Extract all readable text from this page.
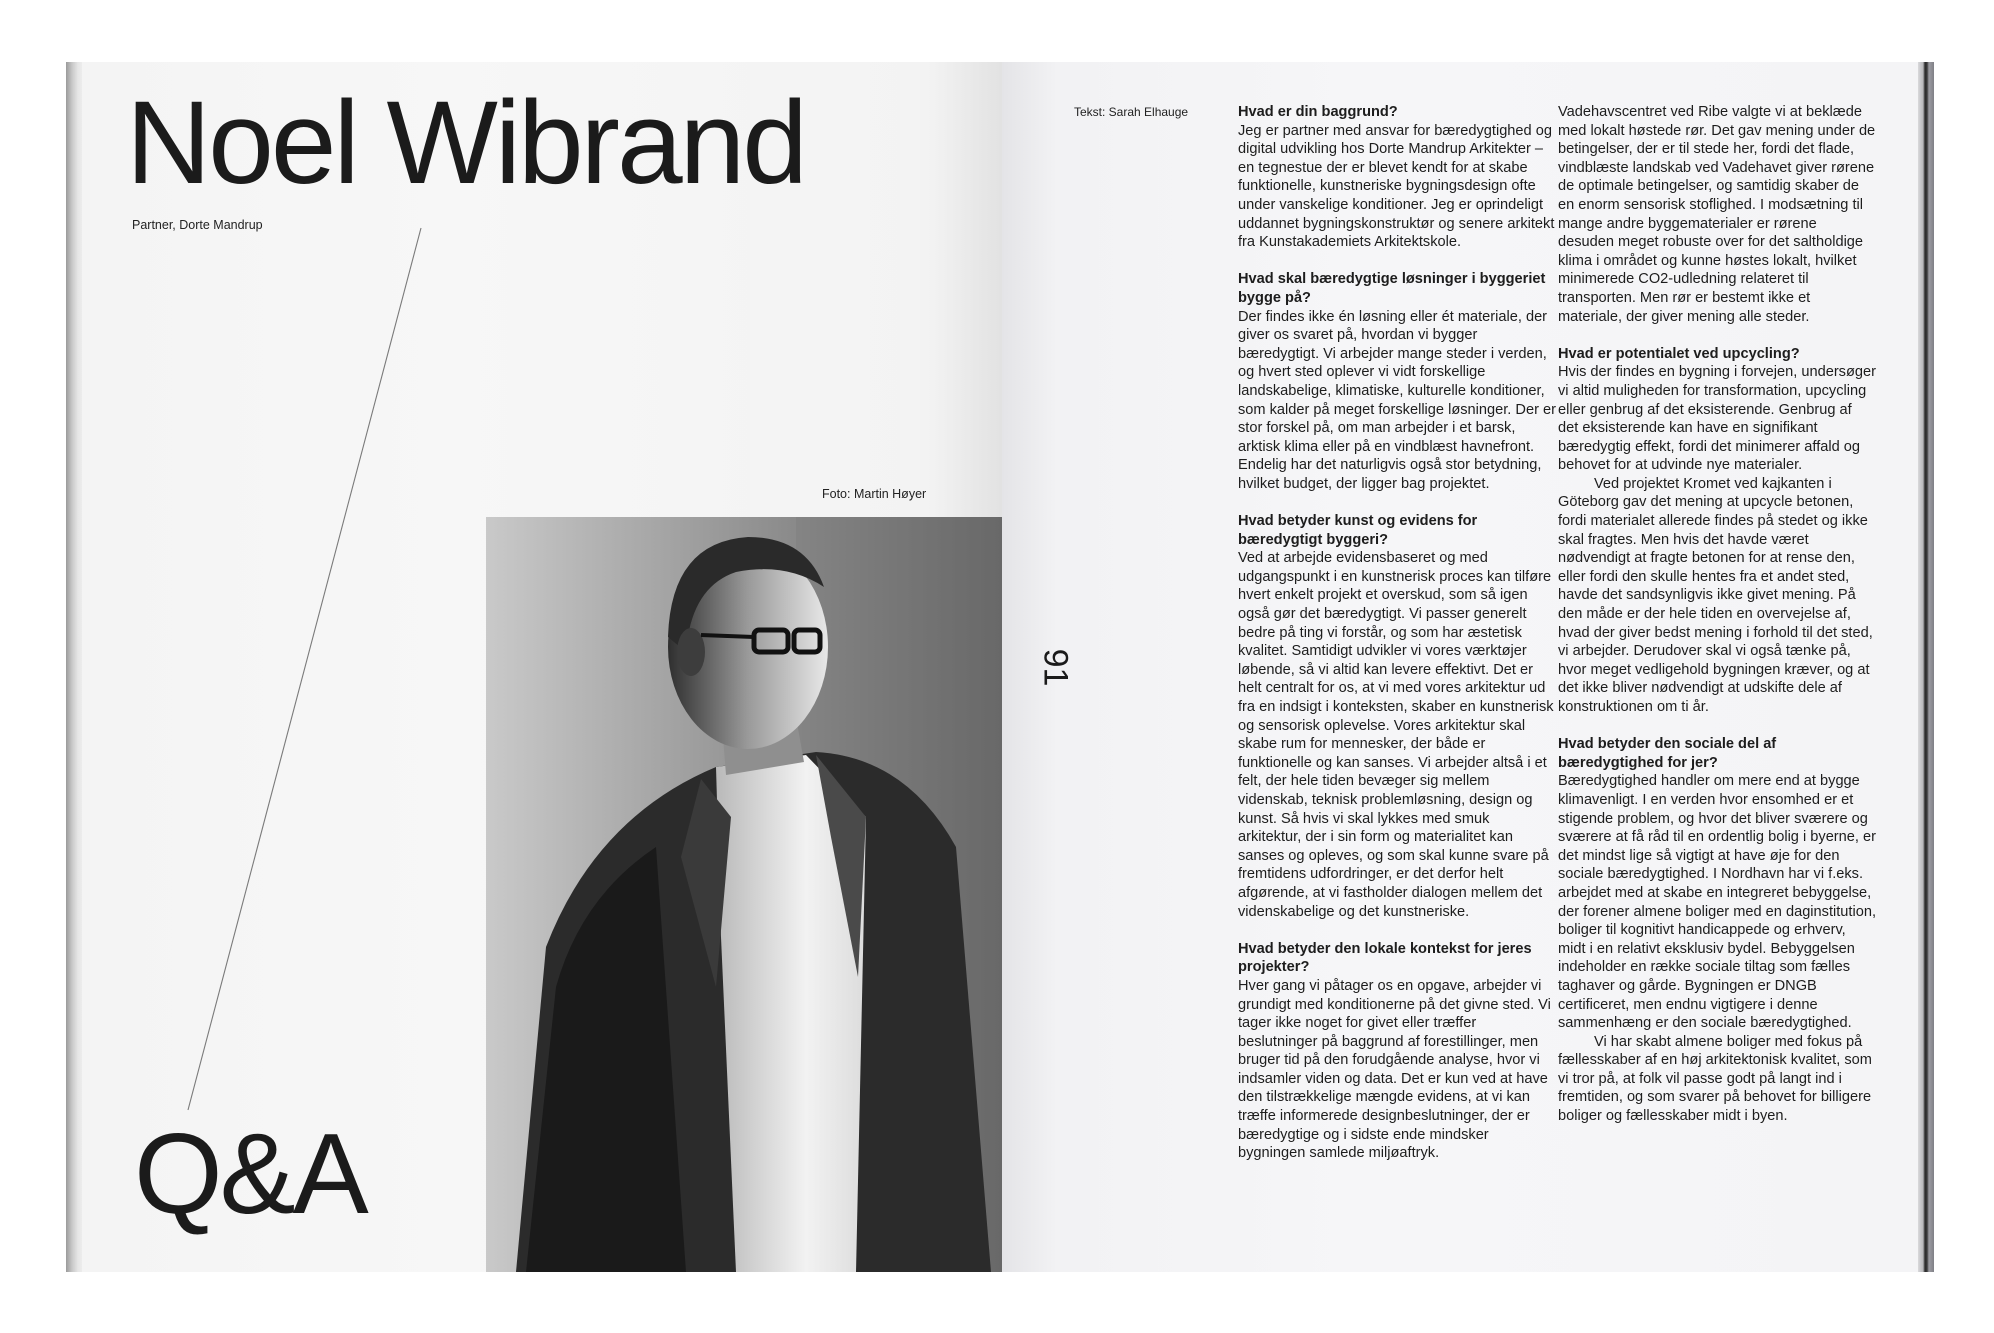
Noel Wibrand
Partner, Dorte Mandrup
Foto: Martin Høyer
Q&A
91
Tekst: Sarah Elhauge	Hvad er din baggrund?

Jeg er partner med ansvar for bæredygtighed og digital udvikling hos Dorte Mandrup Arkitekter – en tegnestue der er blevet kendt for at skabe funktionelle, kunstneriske bygningsdesign ofte under vanskelige konditioner. Jeg er oprindeligt uddannet bygningskonstruktør og senere arkitekt fra Kunstakademiets Arkitektskole.

Hvad skal bæredygtige løsninger i byggeriet bygge på?

Der findes ikke én løsning eller ét materiale, der giver os svaret på, hvordan vi bygger bæredygtigt. Vi arbejder mange steder i verden, og hvert sted oplever vi vidt forskellige landskabelige, klimatiske, kulturelle konditioner, som kalder på meget forskellige løsninger. Der er stor forskel på, om man arbejder i et barsk, arktisk klima eller på en vindblæst havnefront. Endelig har det naturligvis også stor betydning, hvilket budget, der ligger bag projektet.

Hvad betyder kunst og evidens for bæredygtigt byggeri?

Ved at arbejde evidensbaseret og med udgangspunkt i en kunstnerisk proces kan tilføre hvert enkelt projekt et overskud, som så igen også gør det bæredygtigt. Vi passer generelt bedre på ting vi forstår, og som har æstetisk kvalitet. Samtidigt udvikler vi vores værktøjer løbende, så vi altid kan levere effektivt. Det er helt centralt for os, at vi med vores arkitektur ud fra en indsigt i konteksten, skaber en kunstnerisk og sensorisk oplevelse. Vores arkitektur skal skabe rum for mennesker, der både er funktionelle og kan sanses. Vi arbejder altså i et felt, der hele tiden bevæger sig mellem videnskab, teknisk problemløsning, design og kunst. Så hvis vi skal lykkes med smuk arkitektur, der i sin form og materialitet kan sanses og opleves, og som skal kunne svare på fremtidens udfordringer, er det derfor helt afgørende, at vi fastholder dialogen mellem det videnskabelige og det kunstneriske.

Hvad betyder den lokale kontekst for jeres projekter?

Hver gang vi påtager os en opgave, arbejder vi grundigt med konditionerne på det givne sted. Vi tager ikke noget for givet eller træffer beslutninger på baggrund af forestillinger, men bruger tid på den forudgående analyse, hvor vi indsamler viden og data. Det er kun ved at have den tilstrækkelige mængde evidens, at vi kan træffe informerede designbeslutninger, der er bæredygtige og i sidste ende mindsker bygningen samlede miljøaftryk.

Vadehavscentret ved Ribe valgte vi at beklæde med lokalt høstede rør. Det gav mening under de betingelser, der er til stede her, fordi det flade, vindblæste landskab ved Vadehavet giver rørene de optimale betingelser, og samtidig skaber de en enorm sensorisk stoflighed. I modsætning til mange andre byggematerialer er rørene desuden meget robuste over for det saltholdige klima i området og kunne høstes lokalt, hvilket minimerede CO2-udledning relateret til transporten. Men rør er bestemt ikke et materiale, der giver mening alle steder.

Hvad er potentialet ved upcycling?

Hvis der findes en bygning i forvejen, undersøger vi altid muligheden for transformation, upcycling eller genbrug af det eksisterende. Genbrug af det eksisterende kan have en signifikant bæredygtig effekt, fordi det minimerer affald og behovet for at udvinde nye materialer.

Ved projektet Kromet ved kajkanten i Göteborg gav det mening at upcycle betonen, fordi materialet allerede findes på stedet og ikke skal fragtes. Men hvis det havde været nødvendigt at fragte betonen for at rense den, eller fordi den skulle hentes fra et andet sted, havde det sandsynligvis ikke givet mening. På den måde er der hele tiden en overvejelse af, hvad der giver bedst mening i forhold til det sted, vi arbejder. Derudover skal vi også tænke på, hvor meget vedligehold bygningen kræver, og at det ikke bliver nødvendigt at udskifte dele af konstruktionen om ti år.

Hvad betyder den sociale del af bæredygtighed for jer?

Bæredygtighed handler om mere end at bygge klimavenligt. I en verden hvor ensomhed er et stigende problem, og hvor det bliver sværere og sværere at få råd til en ordentlig bolig i byerne, er det mindst lige så vigtigt at have øje for den sociale bæredygtighed. I Nordhavn har vi f.eks. arbejdet med at skabe en integreret bebyggelse, der forener almene boliger med en daginstitution, boliger til kognitivt handicappede og erhverv, midt i en relativt eksklusiv bydel. Bebyggelsen indeholder en række sociale tiltag som fælles taghaver og gårde. Bygningen er DNGB certificeret, men endnu vigtigere i denne sammenhæng er den sociale bæredygtighed.

Vi har skabt almene boliger med fokus på fællesskaber af en høj arkitektonisk kvalitet, som vi tror på, at folk vil passe godt på langt ind i fremtiden, og som svarer på behovet for billigere boliger og fællesskaber midt i byen.
